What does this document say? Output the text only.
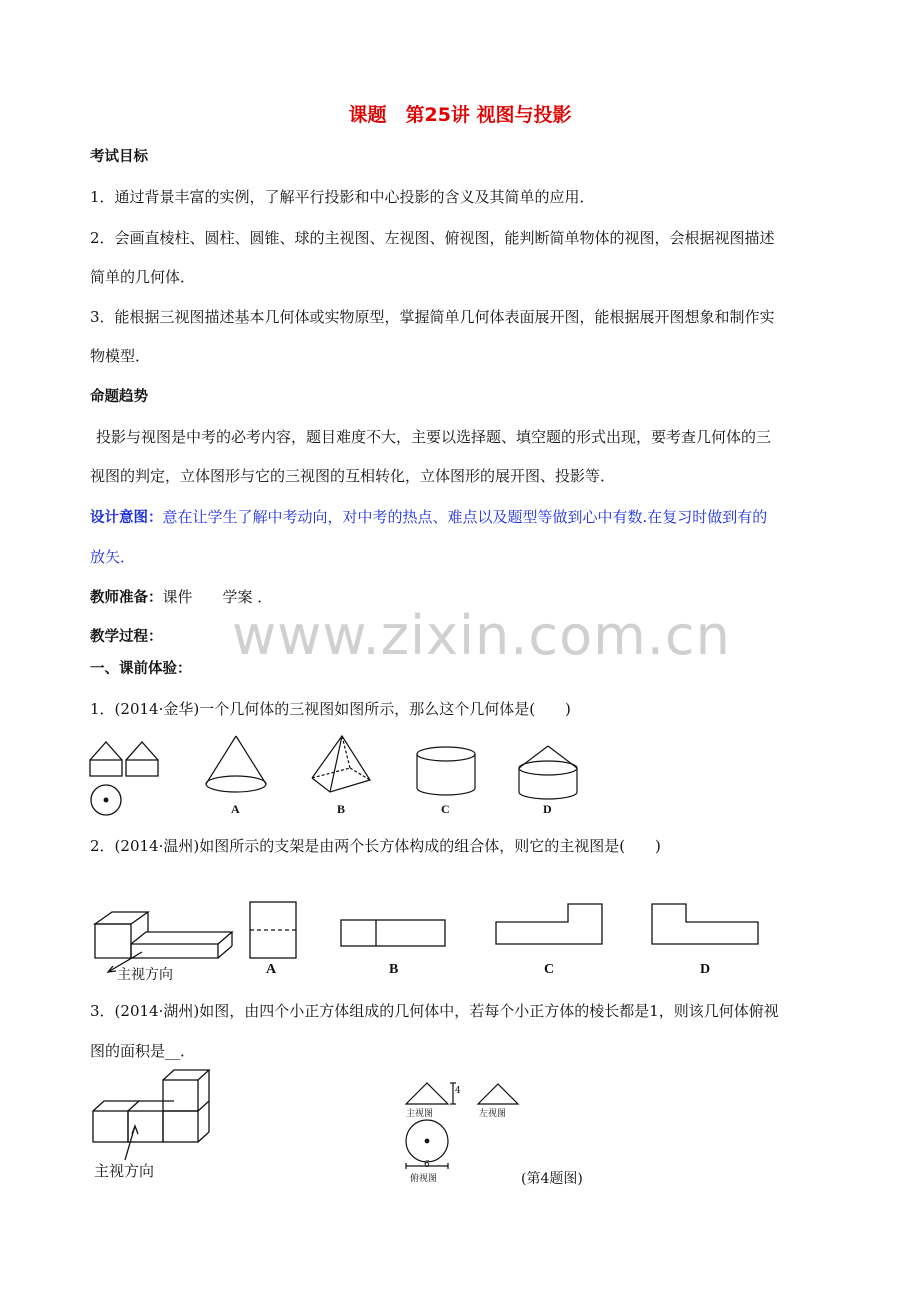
课题　第25讲 视图与投影
考试目标
1．通过背景丰富的实例，了解平行投影和中心投影的含义及其简单的应用．
2．会画直棱柱、圆柱、圆锥、球的主视图、左视图、俯视图，能判断简单物体的视图，会根据视图描述
简单的几何体．
3．能根据三视图描述基本几何体或实物原型，掌握简单几何体表面展开图，能根据展开图想象和制作实
物模型．
命题趋势
投影与视图是中考的必考内容，题目难度不大，主要以选择题、填空题的形式出现，要考查几何体的三
视图的判定，立体图形与它的三视图的互相转化，立体图形的展开图、投影等．
设计意图：意在让学生了解中考动向，对中考的热点、难点以及题型等做到心中有数.在复习时做到有的
放矢．
教师准备：课件　　学案 ．
教学过程：
一、课前体验：
www.zixin.com.cn
1．(2014·金华)一个几何体的三视图如图所示，那么这个几何体是(　　)
A	B	C	D
2．(2014·温州)如图所示的支架是由两个长方体构成的组合体，则它的主视图是(　　)
主视方向	A	B	C	D
3．(2014·湖州)如图，由四个小正方体组成的几何体中，若每个小正方体的棱长都是1，则该几何体俯视
图的面积是__．
主视方向
4
主视图	左视图
6
俯视图	(第4题图)
